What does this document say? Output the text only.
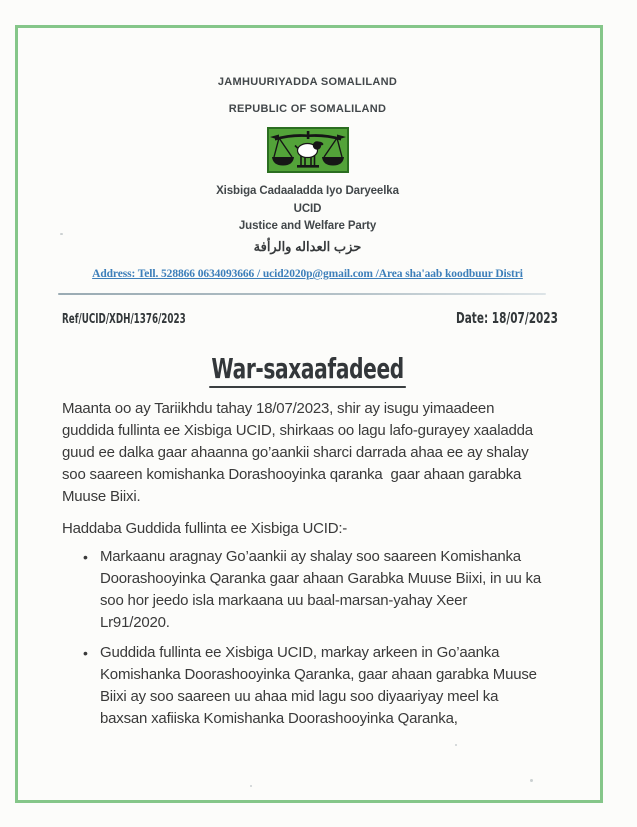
JAMHUURIYADDA SOMALILAND
REPUBLIC OF SOMALILAND
Xisbiga Cadaaladda Iyo Daryeelka
UCID
Justice and Welfare Party
حزب العداله والرأفة
Address: Tell. 528866 0634093666 / ucid2020p@gmail.com /Area sha'aab koodbuur Distri
Ref/UCID/XDH/1376/2023	Date: 18/07/2023
War-saxaafadeed
Maanta oo ay Tariikhdu tahay 18/07/2023, shir ay isugu yimaadeen
guddida fullinta ee Xisbiga UCID, shirkaas oo lagu lafo-gurayey xaaladda
guud ee dalka gaar ahaanna go’aankii sharci darrada ahaa ee ay shalay
soo saareen komishanka Dorashooyinka qaranka  gaar ahaan garabka
Muuse Biixi.
Haddaba Guddida fullinta ee Xisbiga UCID:-
• Markaanu aragnay Go’aankii ay shalay soo saareen Komishanka
Doorashooyinka Qaranka gaar ahaan Garabka Muuse Biixi, in uu ka
soo hor jeedo isla markaana uu baal-marsan-yahay Xeer
Lr91/2020.
• Guddida fullinta ee Xisbiga UCID, markay arkeen in Go’aanka
Komishanka Doorashooyinka Qaranka, gaar ahaan garabka Muuse
Biixi ay soo saareen uu ahaa mid lagu soo diyaariyay meel ka
baxsan xafiiska Komishanka Doorashooyinka Qaranka,
